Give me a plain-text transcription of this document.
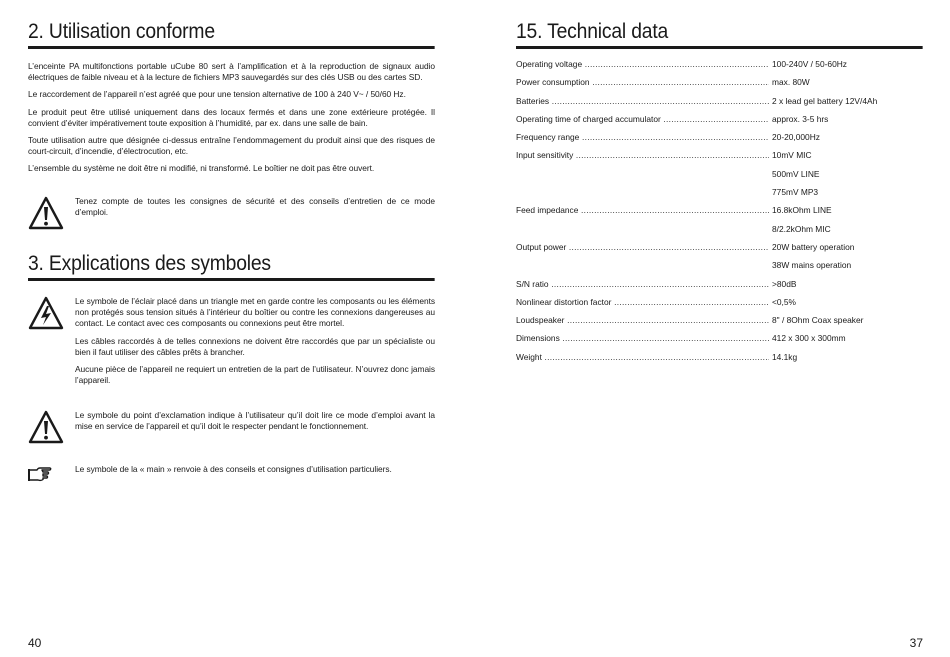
2. Utilisation conforme

L’enceinte PA multifonctions portable uCube 80 sert à l’amplification et à la reproduction de signaux audio électriques de faible niveau et à la lecture de fichiers MP3 sauvegardés sur des clés USB ou des cartes SD.

Le raccordement de l’appareil n’est agréé que pour une tension alternative de 100 à 240 V~ / 50/60 Hz.

Le produit peut être utilisé uniquement dans des locaux fermés et dans une zone extérieure protégée. Il convient d’éviter impérativement toute exposition à l’humidité, par ex. dans une salle de bain.

Toute utilisation autre que désignée ci-dessus entraîne l’endommagement du produit ainsi que des risques de court-circuit, d’incendie, d’électrocution, etc.

L’ensemble du système ne doit être ni modifié, ni transformé. Le boîtier ne doit pas être ouvert.

Tenez compte de toutes les consignes de sécurité et des conseils d’entretien de ce mode d’emploi.

3. Explications des symboles

Le symbole de l’éclair placé dans un triangle met en garde contre les composants ou les éléments non protégés sous tension situés à l’intérieur du boîtier ou contre les connexions dangereuses au contact. Le contact avec ces composants ou connexions peut être mortel.

Les câbles raccordés à de telles connexions ne doivent être raccordés que par un spécialiste ou bien il faut utiliser des câbles prêts à brancher.

Aucune pièce de l’appareil ne requiert un entretien de la part de l’utilisateur. N’ouvrez donc jamais l’appareil.

Le symbole du point d’exclamation indique à l’utilisateur qu’il doit lire ce mode d’emploi avant la mise en service de l’appareil et qu’il doit le respecter pendant le fonctionnement.

Le symbole de la « main » renvoie à des conseils et consignes d’utilisation particuliers.

40
15. Technical data
Operating voltage .....	100-240V / 50-60Hz
Power consumption .....	max. 80W
Batteries .....	2 x lead gel battery 12V/4Ah
Operating time of charged accumulator .....	approx. 3-5 hrs
Frequency range .....	20-20,000Hz
Input sensitivity .....	10mV MIC
500mV LINE
775mV MP3
Feed impedance .....	16.8kOhm LINE
8/2.2kOhm MIC
Output power .....	20W battery operation
38W mains operation
S/N ratio .....	>80dB
Nonlinear distortion factor .....	<0,5%
Loudspeaker .....	8" / 8Ohm Coax speaker
Dimensions .....	412 x 300 x 300mm
Weight .....	14.1kg
37
